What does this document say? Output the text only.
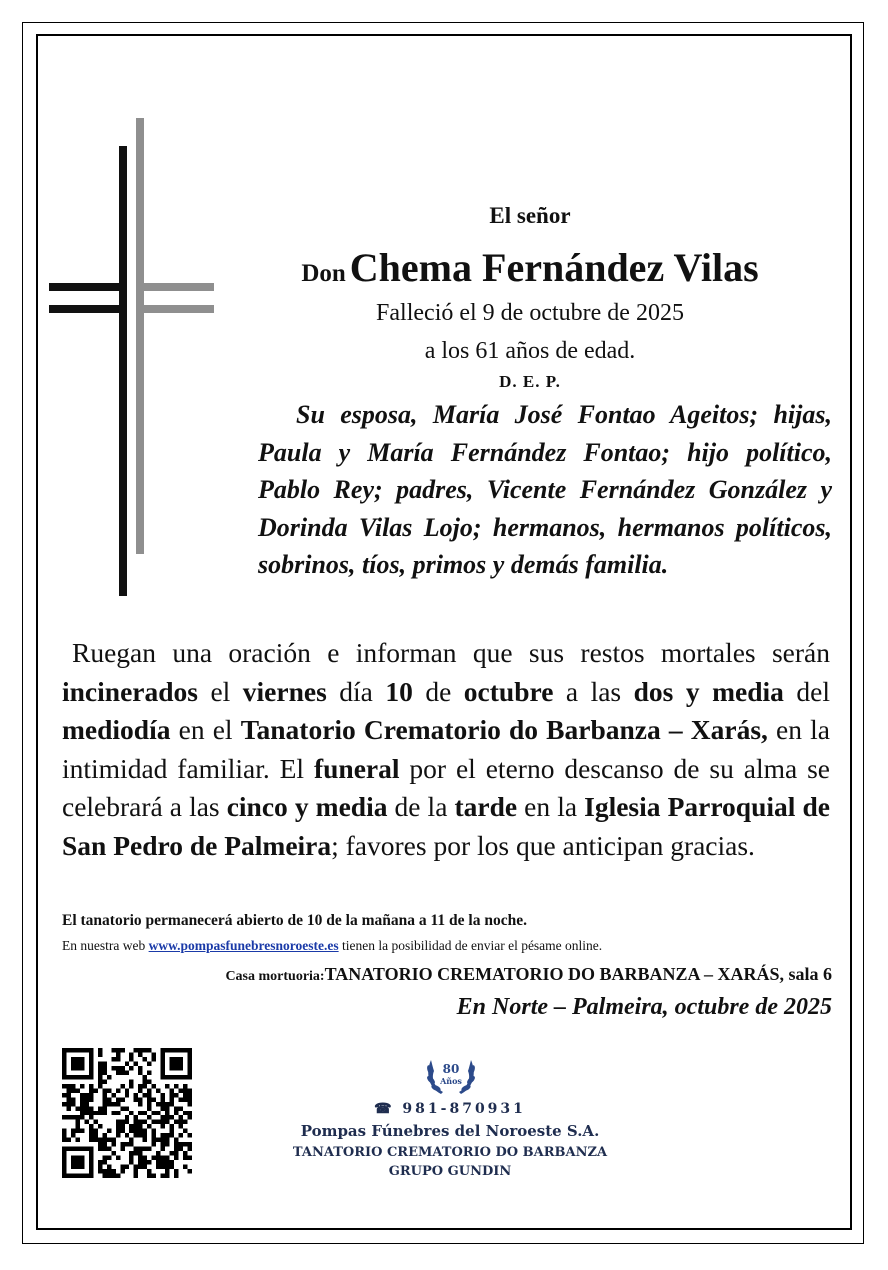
El señor
Don Chema Fernández Vilas
Falleció el 9 de octubre de 2025
a los 61 años de edad.
D. E. P.
Su esposa, María José Fontao Ageitos; hijas, Paula y María Fernández Fontao; hijo político, Pablo Rey; padres, Vicente Fernández González y Dorinda Vilas Lojo; hermanos, hermanos políticos, sobrinos, tíos, primos y demás familia.
Ruegan una oración e informan que sus restos mortales serán incinerados el viernes día 10 de octubre a las dos y media del mediodía en el Tanatorio Crematorio do Barbanza – Xarás, en la intimidad familiar. El funeral por el eterno descanso de su alma se celebrará a las cinco y media de la tarde en la Iglesia Parroquial de San Pedro de Palmeira; favores por los que anticipan gracias.
El tanatorio permanecerá abierto de 10 de la mañana a 11 de la noche.
En nuestra web www.pompasfunebresnoroeste.es tienen la posibilidad de enviar el pésame online.
Casa mortuoria:TANATORIO CREMATORIO DO BARBANZA – XARÁS, sala 6
En Norte – Palmeira, octubre de 2025
80
Años
☎ 981-870931
Pompas Fúnebres del Noroeste S.A.
TANATORIO CREMATORIO DO BARBANZA
GRUPO GUNDIN
